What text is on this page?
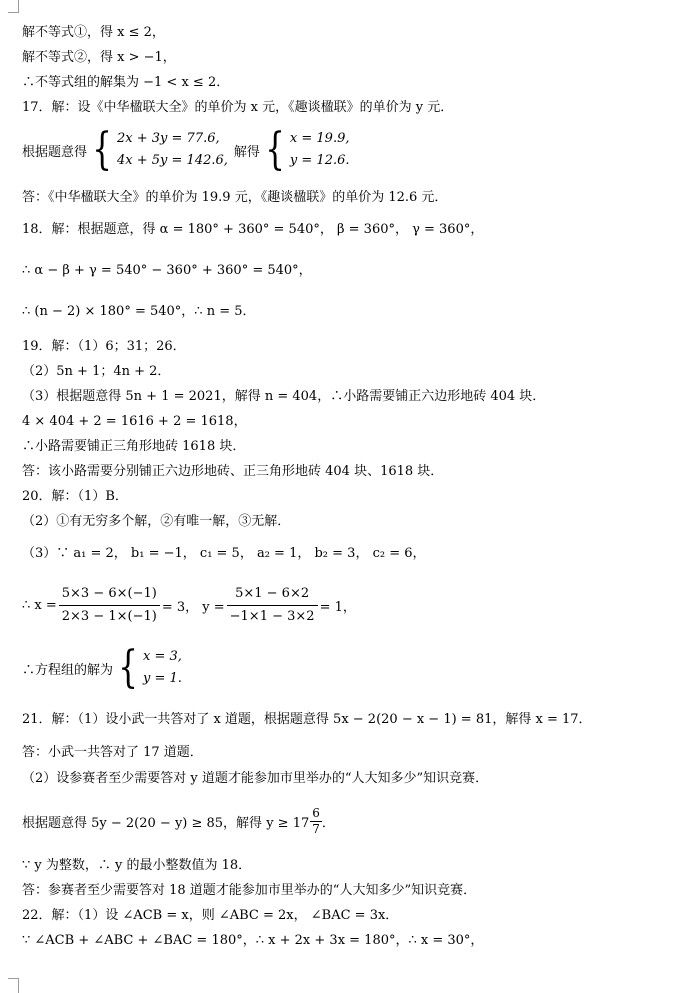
解不等式①，得 x ≤ 2，
解不等式②，得 x > −1，
∴不等式组的解集为 −1 < x ≤ 2．
17．解：设《中华楹联大全》的单价为 x 元，《趣谈楹联》的单价为 y 元．
根据题意得 { 2x + 3y = 77.6,
4x + 5y = 142.6,
解得 { x = 19.9,
y = 12.6.
答：《中华楹联大全》的单价为 19.9 元，《趣谈楹联》的单价为 12.6 元．
18．解：根据题意，得 α = 180° + 360° = 540°， β = 360°， γ = 360°，
∴ α − β + γ = 540° − 360° + 360° = 540°，
∴ (n − 2) × 180° = 540°，∴ n = 5．
19．解：（1）6；31；26．
（2）5n + 1；4n + 2．
（3）根据题意得 5n + 1 = 2021，解得 n = 404，∴小路需要铺正六边形地砖 404 块．
4 × 404 + 2 = 1616 + 2 = 1618，
∴小路需要铺正三角形地砖 1618 块．
答：该小路需要分别铺正六边形地砖、正三角形地砖 404 块、1618 块．
20．解：（1）B．
（2）①有无穷多个解，②有唯一解，③无解．
（3）∵ a₁ = 2， b₁ = −1， c₁ = 5， a₂ = 1， b₂ = 3， c₂ = 6，
∴ $x = \frac{5\times 3 - 6\times(-1)}{2\times 3 - 1\times(-1)} = 3$， $y = \frac{5\times 1 - 6\times 2}{-1\times 1 - 3\times 2} = 1$，
∴方程组的解为 { x = 3,
y = 1.
21．解：（1）设小武一共答对了 x 道题，根据题意得 5x − 2(20 − x − 1) = 81，解得 x = 17．
答：小武一共答对了 17 道题．
（2）设参赛者至少需要答对 y 道题才能参加市里举办的“人大知多少”知识竞赛．
根据题意得 5y − 2(20 − y) ≥ 85，解得 $y \ge 17 \frac{6}{7}$ ．
∵ y 为整数，∴ y 的最小整数值为 18．
答：参赛者至少需要答对 18 道题才能参加市里举办的“人大知多少”知识竞赛．
22．解：（1）设 ∠ACB = x，则 ∠ABC = 2x， ∠BAC = 3x．
∵ ∠ACB + ∠ABC + ∠BAC = 180°，∴ x + 2x + 3x = 180°，∴ x = 30°，
